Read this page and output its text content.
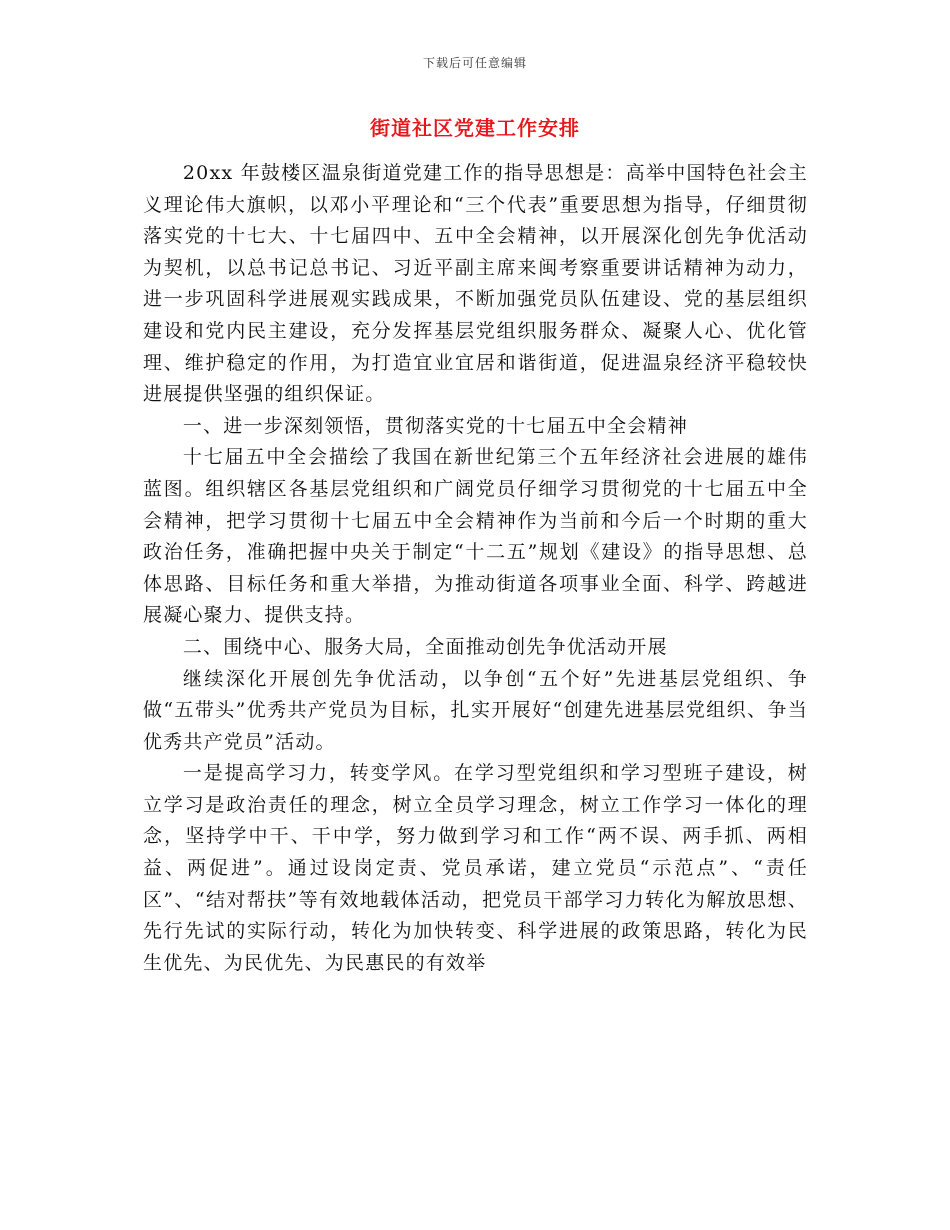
下载后可任意编辑
街道社区党建工作安排

20xx 年鼓楼区温泉街道党建工作的指导思想是：高举中国特色社会主义理论伟大旗帜，以邓小平理论和“三个代表”重要思想为指导，仔细贯彻落实党的十七大、十七届四中、五中全会精神，以开展深化创先争优活动为契机，以总书记总书记、习近平副主席来闽考察重要讲话精神为动力，进一步巩固科学进展观实践成果，不断加强党员队伍建设、党的基层组织建设和党内民主建设，充分发挥基层党组织服务群众、凝聚人心、优化管理、维护稳定的作用，为打造宜业宜居和谐街道，促进温泉经济平稳较快进展提供坚强的组织保证。

一、进一步深刻领悟，贯彻落实党的十七届五中全会精神

十七届五中全会描绘了我国在新世纪第三个五年经济社会进展的雄伟蓝图。组织辖区各基层党组织和广阔党员仔细学习贯彻党的十七届五中全会精神，把学习贯彻十七届五中全会精神作为当前和今后一个时期的重大政治任务，准确把握中央关于制定“十二五”规划《建设》的指导思想、总体思路、目标任务和重大举措，为推动街道各项事业全面、科学、跨越进展凝心聚力、提供支持。

二、围绕中心、服务大局，全面推动创先争优活动开展

继续深化开展创先争优活动，以争创“五个好”先进基层党组织、争做“五带头”优秀共产党员为目标，扎实开展好“创建先进基层党组织、争当优秀共产党员”活动。

一是提高学习力，转变学风。在学习型党组织和学习型班子建设，树立学习是政治责任的理念，树立全员学习理念，树立工作学习一体化的理念，坚持学中干、干中学，努力做到学习和工作“两不误、两手抓、两相益、两促进”。通过设岗定责、党员承诺，建立党员“示范点”、“责任区”、“结对帮扶”等有效地载体活动，把党员干部学习力转化为解放思想、先行先试的实际行动，转化为加快转变、科学进展的政策思路，转化为民生优先、为民优先、为民惠民的有效举
